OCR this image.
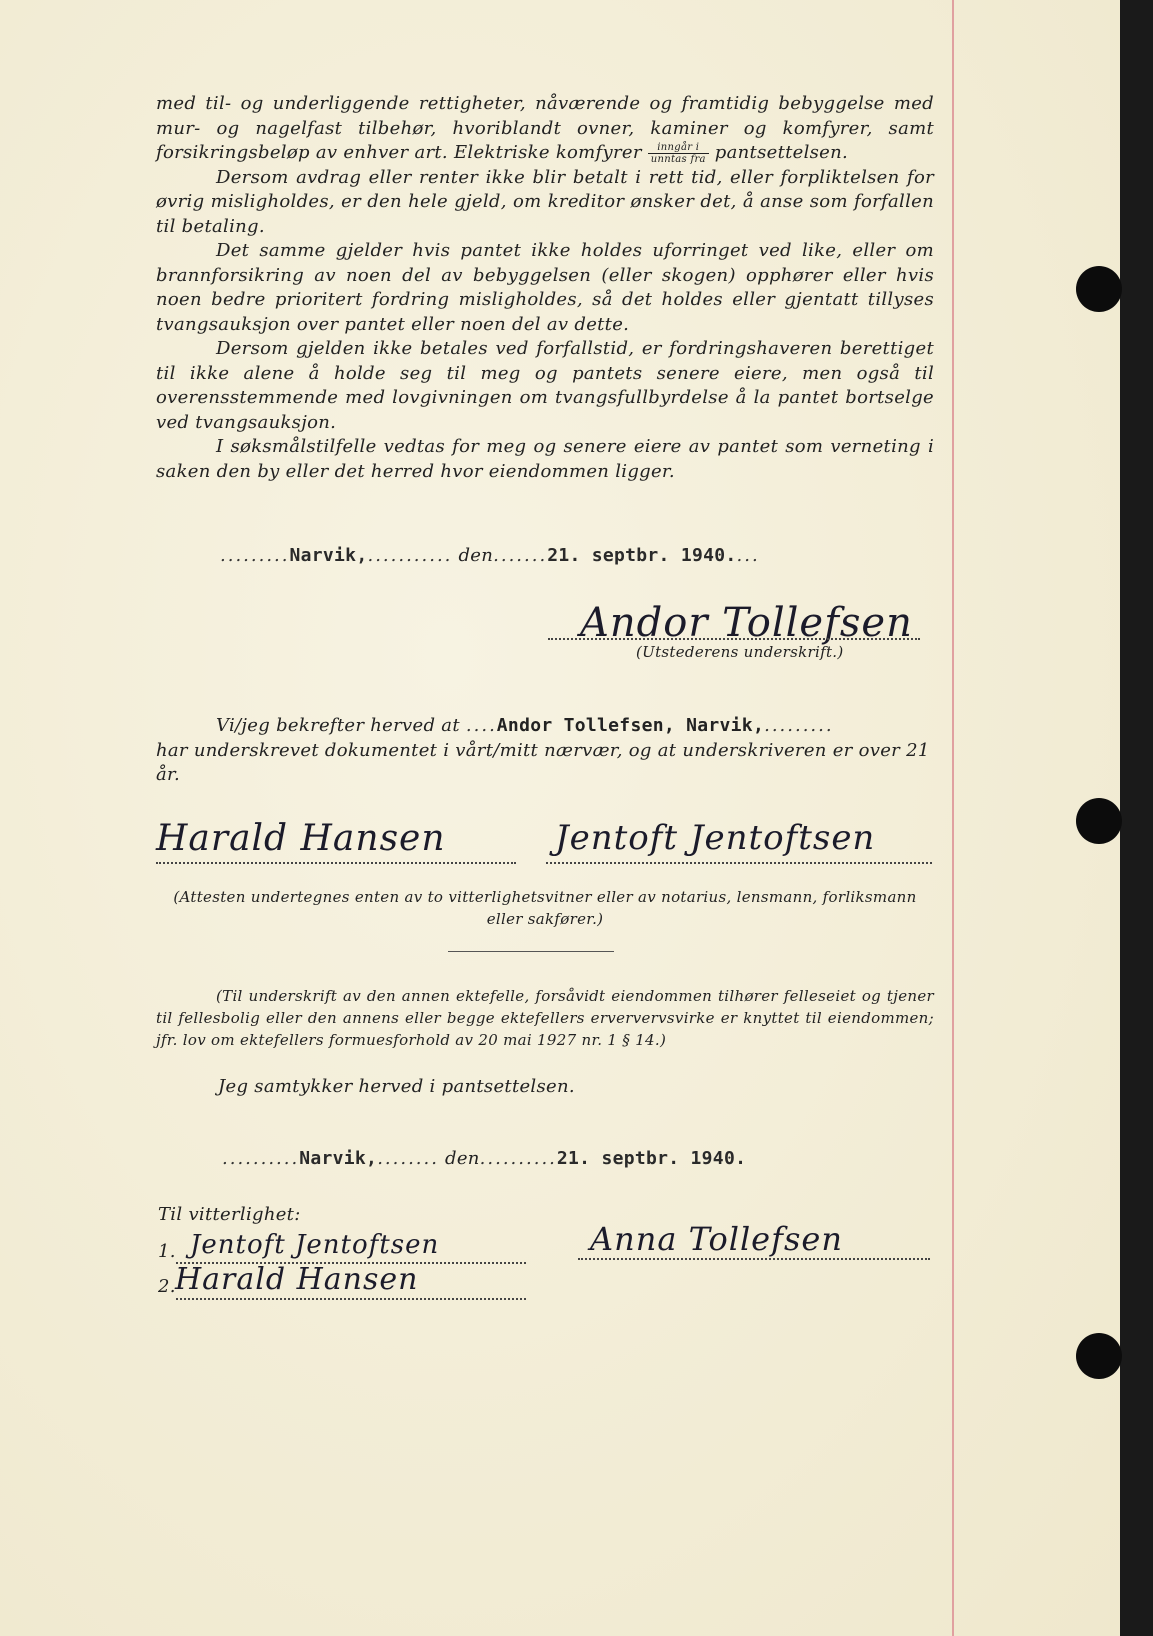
med til- og underliggende rettigheter, nåværende og framtidig bebyggelse med mur- og nagelfast tilbehør, hvoriblandt ovner, kaminer og komfyrer, samt forsikringsbeløp av enhver art. Elektriske komfyrer $\frac{\text{inngår i}}{\text{unntas fra}}$ pantsettelsen.

Dersom avdrag eller renter ikke blir betalt i rett tid, eller forpliktelsen for øvrig misligholdes, er den hele gjeld, om kreditor ønsker det, å anse som forfallen til betaling.

Det samme gjelder hvis pantet ikke holdes uforringet ved like, eller om brannforsikring av noen del av bebyggelsen (eller skogen) opphører eller hvis noen bedre prioritert fordring misligholdes, så det holdes eller gjentatt tillyses tvangsauksjon over pantet eller noen del av dette.

Dersom gjelden ikke betales ved forfallstid, er fordringshaveren berettiget til ikke alene å holde seg til meg og pantets senere eiere, men også til overensstemmende med lovgivningen om tvangsfullbyrdelse å la pantet bortselge ved tvangsauksjon.

I søksmålstilfelle vedtas for meg og senere eiere av pantet som verneting i saken den by eller det herred hvor eiendommen ligger.

.........Narvik,........... den.......21. septbr. 1940....
Andor Tollefsen
(Utstederens underskrift.)
Vi/jeg bekrefter herved at ....Andor Tollefsen, Narvik,.........
har underskrevet dokumentet i vårt/mitt nærvær, og at underskriveren er over 21 år.
Harald Hansen	Jentoft Jentoftsen
(Attesten undertegnes enten av to vitterlighetsvitner eller av notarius, lensmann, forliksmann eller sakfører.)
(Til underskrift av den annen ektefelle, forsåvidt eiendommen tilhører felleseiet og tjener til fellesbolig eller den annens eller begge ektefellers erververvsvirke er knyttet til eiendommen; jfr. lov om ektefellers formuesforhold av 20 mai 1927 nr. 1 § 14.)
Jeg samtykker herved i pantsettelsen.
..........Narvik,........ den..........21. septbr. 1940.
Til vitterlighet:
1.
2.
Jentoft Jentoftsen
Harald Hansen
Anna Tollefsen
